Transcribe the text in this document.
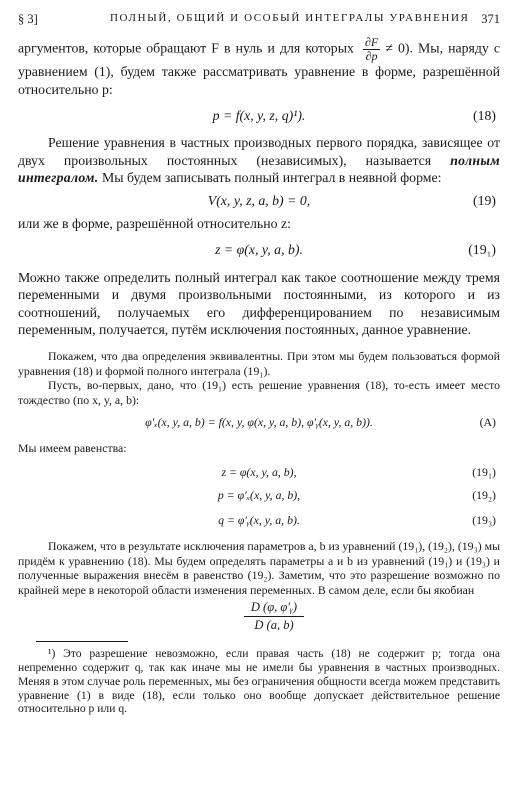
§ 3]	ПОЛНЫЙ, ОБЩИЙ И ОСОБЫЙ ИНТЕГРАЛЫ УРАВНЕНИЯ 371

аргументов, которые обращают F в нуль и для которых $\frac{\partial F}{\partial p} \ne 0$). Мы, наряду с уравнением (1), будем также рассматривать уравнение в форме, разрешённой относительно p:

p = f(x, y, z, q)¹).	(18)

Решение уравнения в частных производных первого порядка, зависящее от двух произвольных постоянных (независимых), называется полным интегралом. Мы будем записывать полный интеграл в неявной форме:

V(x, y, z, a, b) = 0,	(19)

или же в форме, разрешённой относительно z:

z = φ(x, y, a, b).	(19₁)

Можно также определить полный интеграл как такое соотношение между тремя переменными и двумя произвольными постоянными, из которого и из соотношений, получаемых его дифференцированием по независимым переменным, получается, путём исключения постоянных, данное уравнение.

Покажем, что два определения эквивалентны. При этом мы будем пользоваться формой уравнения (18) и формой полного интеграла (19₁).

Пусть, во-первых, дано, что (19₁) есть решение уравнения (18), то-есть имеет место тождество (по x, y, a, b):

φ′ₓ(x, y, a, b) = f(x, y, φ(x, y, a, b), φ′ᵧ(x, y, a, b)).	(A)

Мы имеем равенства:

z = φ(x, y, a, b),	(19₁)
p = φ′ₓ(x, y, a, b),	(19₂)
q = φ′ᵧ(x, y, a, b).	(19₃)

Покажем, что в результате исключения параметров a, b из уравнений (19₁), (19₂), (19₃) мы придём к уравнению (18). Мы будем определять параметры a и b из уравнений (19₁) и (19₃) и полученные выражения внесём в равенство (19₂). Заметим, что это разрешение возможно по крайней мере в некоторой области изменения переменных. В самом деле, если бы якобиан

$\frac{\text{D (φ, φ′ᵧ)}}{D (a, b)}$

¹) Это разрешение невозможно, если правая часть (18) не содержит p; тогда она непременно содержит q, так как иначе мы не имели бы уравнения в частных производных. Меняя в этом случае роль переменных, мы без ограничения общности всегда можем представить уравнение (1) в виде (18), если только оно вообще допускает действительное решение относительно p или q.
